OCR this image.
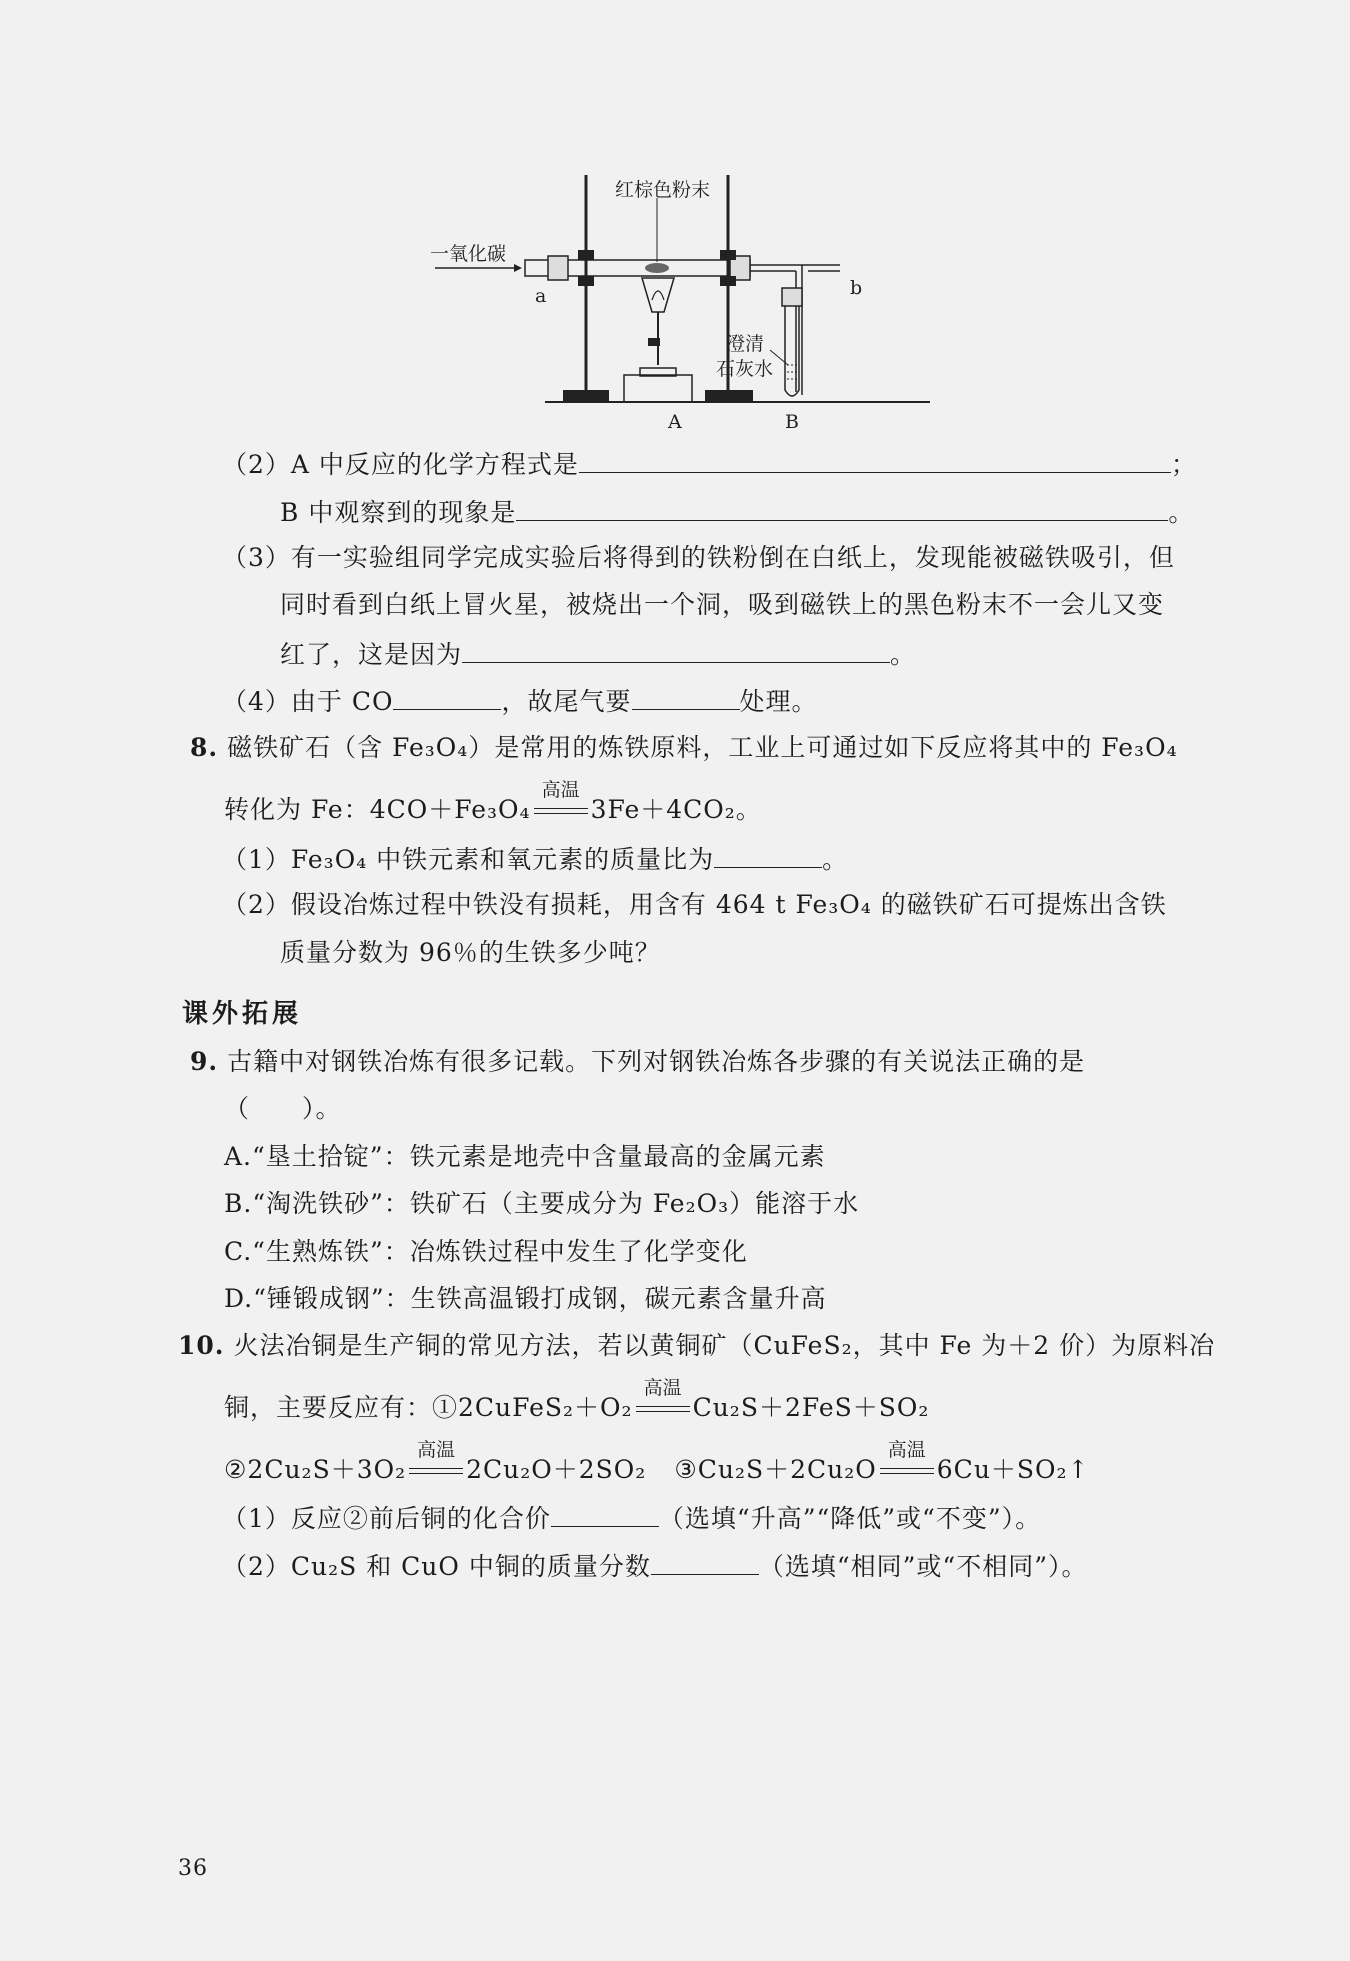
一氧化碳
红棕色粉末
a	b
澄清
石灰水
A	B
（2）A 中反应的化学方程式是	；
B 中观察到的现象是	。
（3）有一实验组同学完成实验后将得到的铁粉倒在白纸上，发现能被磁铁吸引，但
同时看到白纸上冒火星，被烧出一个洞，吸到磁铁上的黑色粉末不一会儿又变
红了，这是因为	。
（4）由于 CO	，故尾气要	处理。
8. 磁铁矿石（含 Fe₃O₄）是常用的炼铁原料，工业上可通过如下反应将其中的 Fe₃O₄
转化为 Fe：4CO＋Fe₃O₄
高温
3Fe＋4CO₂。
（1）Fe₃O₄ 中铁元素和氧元素的质量比为	。
（2）假设冶炼过程中铁没有损耗，用含有 464 t Fe₃O₄ 的磁铁矿石可提炼出含铁
质量分数为 96％的生铁多少吨？
课外拓展
9. 古籍中对钢铁冶炼有很多记载。下列对钢铁冶炼各步骤的有关说法正确的是
（　　）。
A.“垦土拾锭”：铁元素是地壳中含量最高的金属元素
B.“淘洗铁砂”：铁矿石（主要成分为 Fe₂O₃）能溶于水
C.“生熟炼铁”：冶炼铁过程中发生了化学变化
D.“锤锻成钢”：生铁高温锻打成钢，碳元素含量升高
10. 火法冶铜是生产铜的常见方法，若以黄铜矿（CuFeS₂，其中 Fe 为＋2 价）为原料冶
铜，主要反应有：①2CuFeS₂＋O₂
高温
Cu₂S＋2FeS＋SO₂
②2Cu₂S＋3O₂
高温
2Cu₂O＋2SO₂ ③Cu₂S＋2Cu₂O
高温
6Cu＋SO₂↑
（1）反应②前后铜的化合价	（选填“升高”“降低”或“不变”）。
（2）Cu₂S 和 CuO 中铜的质量分数	（选填“相同”或“不相同”）。
36
